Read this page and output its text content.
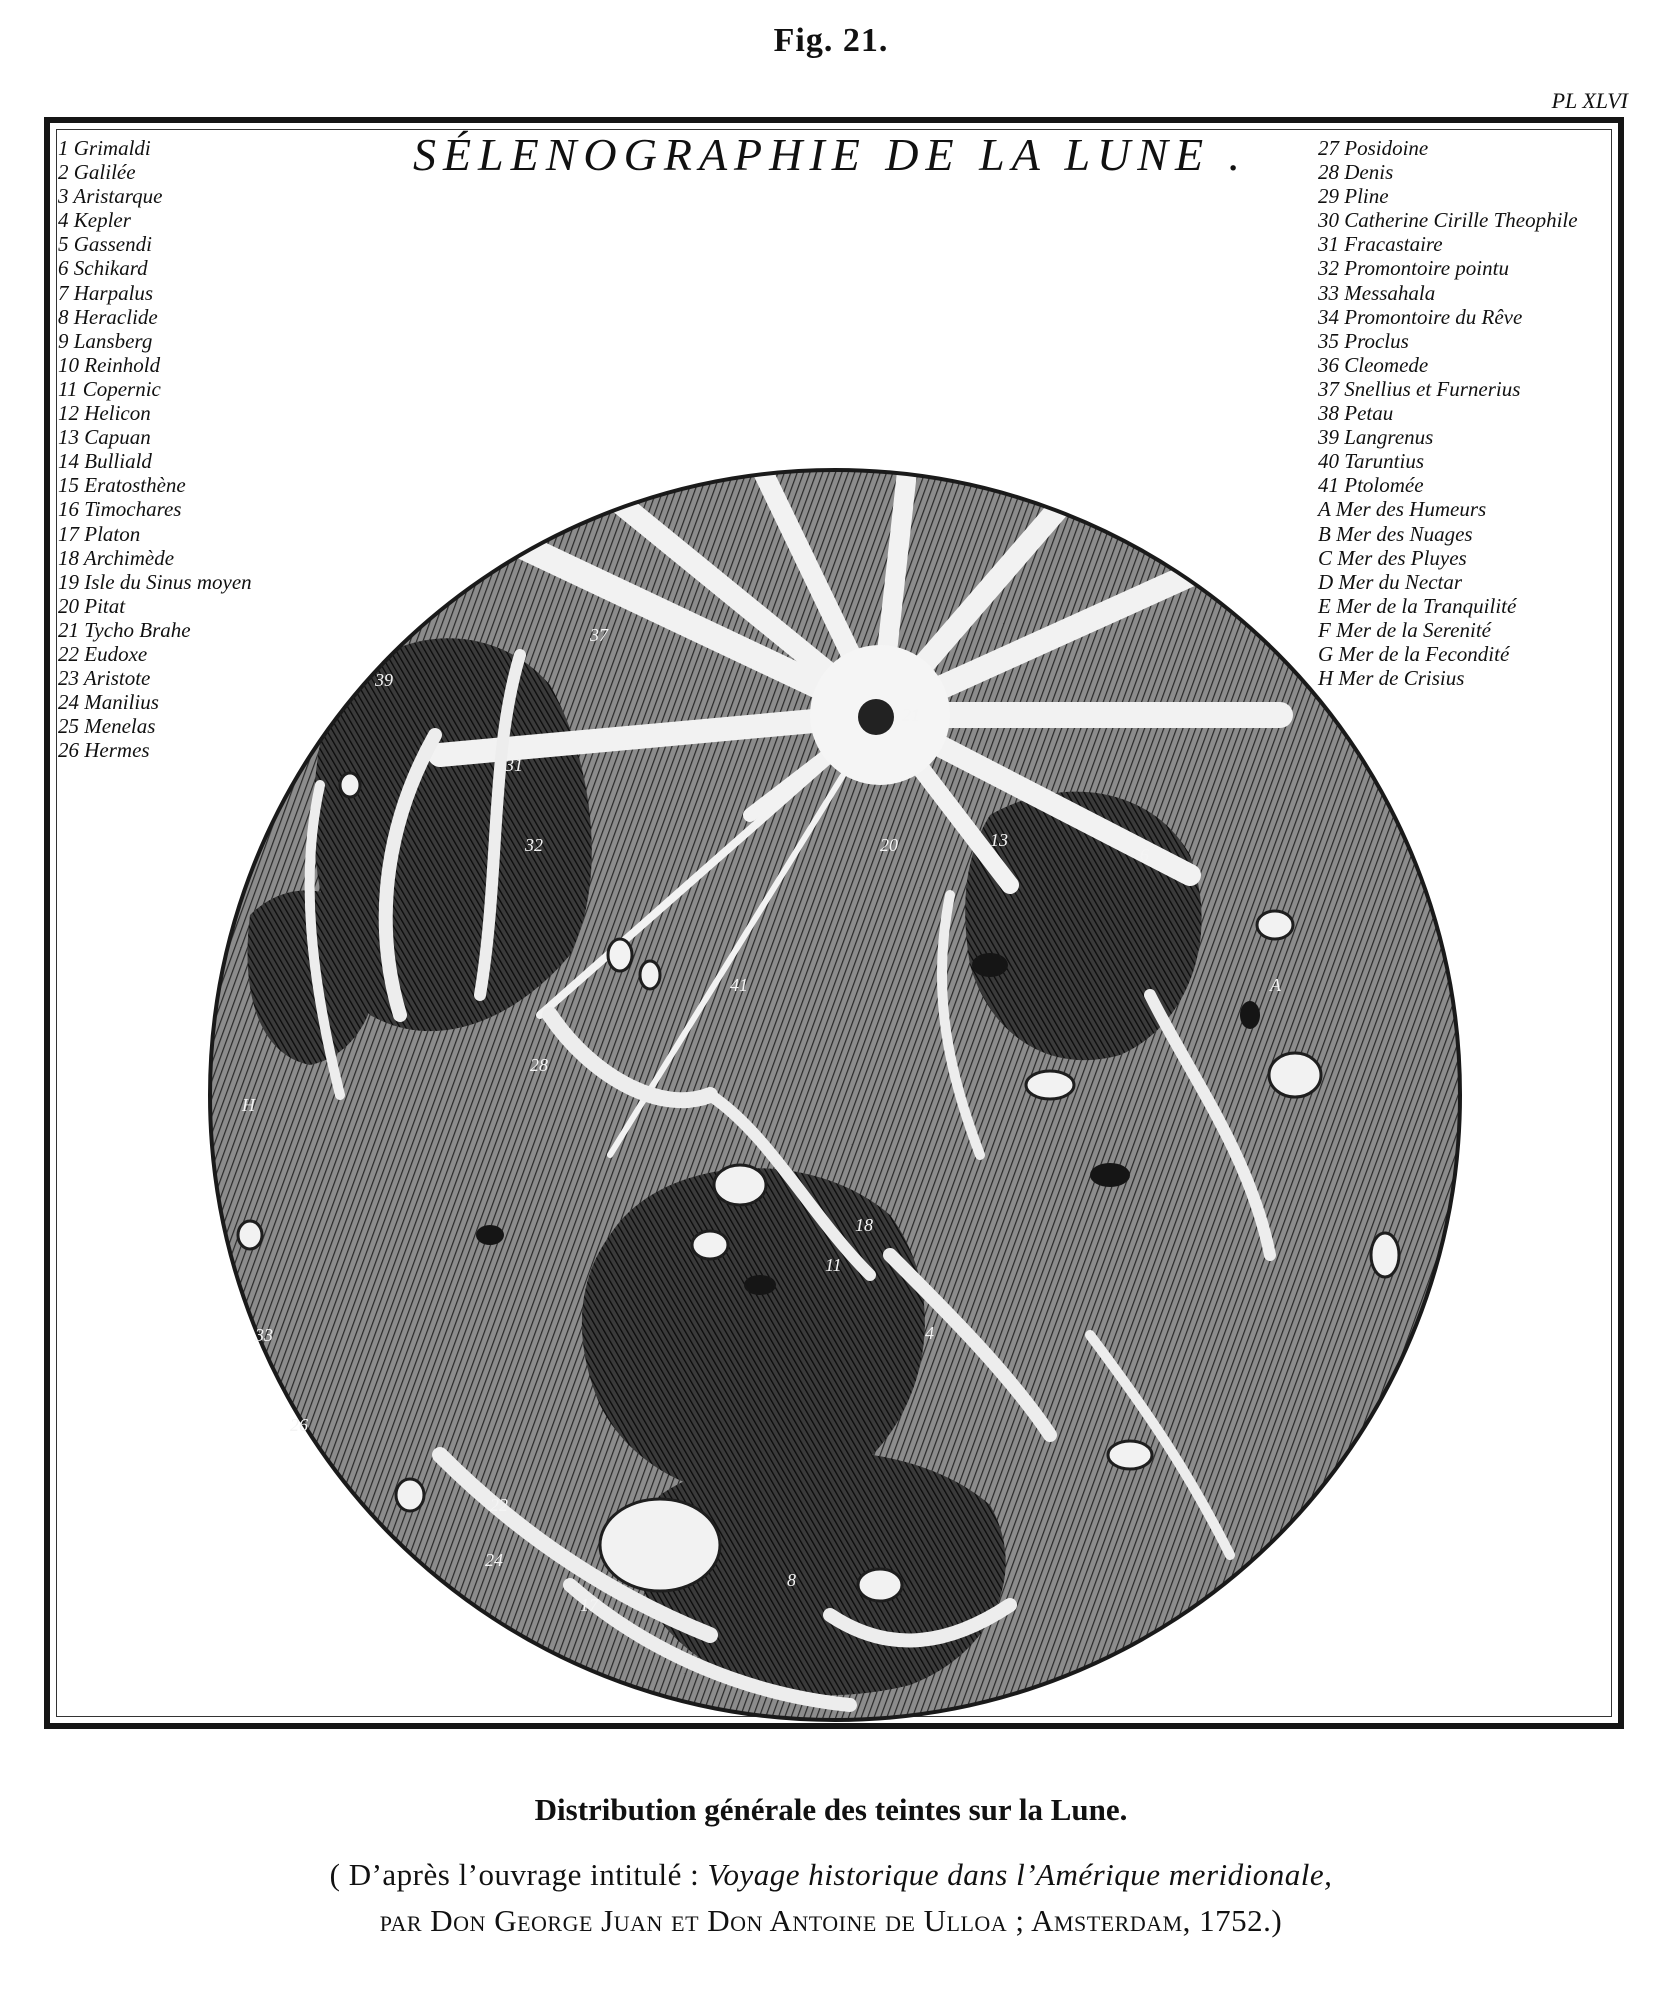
Fig. 21.
PL XLVI
SÉLENOGRAPHIE DE LA LUNE .
1 Grimaldi
2 Galilée
3 Aristarque
4 Kepler
5 Gassendi
6 Schikard
7 Harpalus
8 Heraclide
9 Lansberg
10 Reinhold
11 Copernic
12 Helicon
13 Capuan
14 Bulliald
15 Eratosthène
16 Timochares
17 Platon
18 Archimède
19 Isle du Sinus moyen
20 Pitat
21 Tycho Brahe
22 Eudoxe
23 Aristote
24 Manilius
25 Menelas
26 Hermes
27 Posidoine
28 Denis
29 Pline
30 Catherine Cirille Theophile
31 Fracastaire
32 Promontoire pointu
33 Messahala
34 Promontoire du Rêve
35 Proclus
36 Cleomede
37 Snellius et Furnerius
38 Petau
39 Langrenus
40 Taruntius
41 Ptolomée
A Mer des Humeurs
B Mer des Nuages
C Mer des Pluyes
D Mer du Nectar
E Mer de la Tranquilité
F Mer de la Serenité
G Mer de la Fecondité
H Mer de Crisius
37
39
31
32
21
20	13
6
28
41
18
11
4
33
26
22
24
17
8
H
A
Distribution générale des teintes sur la Lune.
( D’après l’ouvrage intitulé : Voyage historique dans l’Amérique meridionale,
par Don George Juan et Don Antoine de Ulloa ; Amsterdam, 1752.)
